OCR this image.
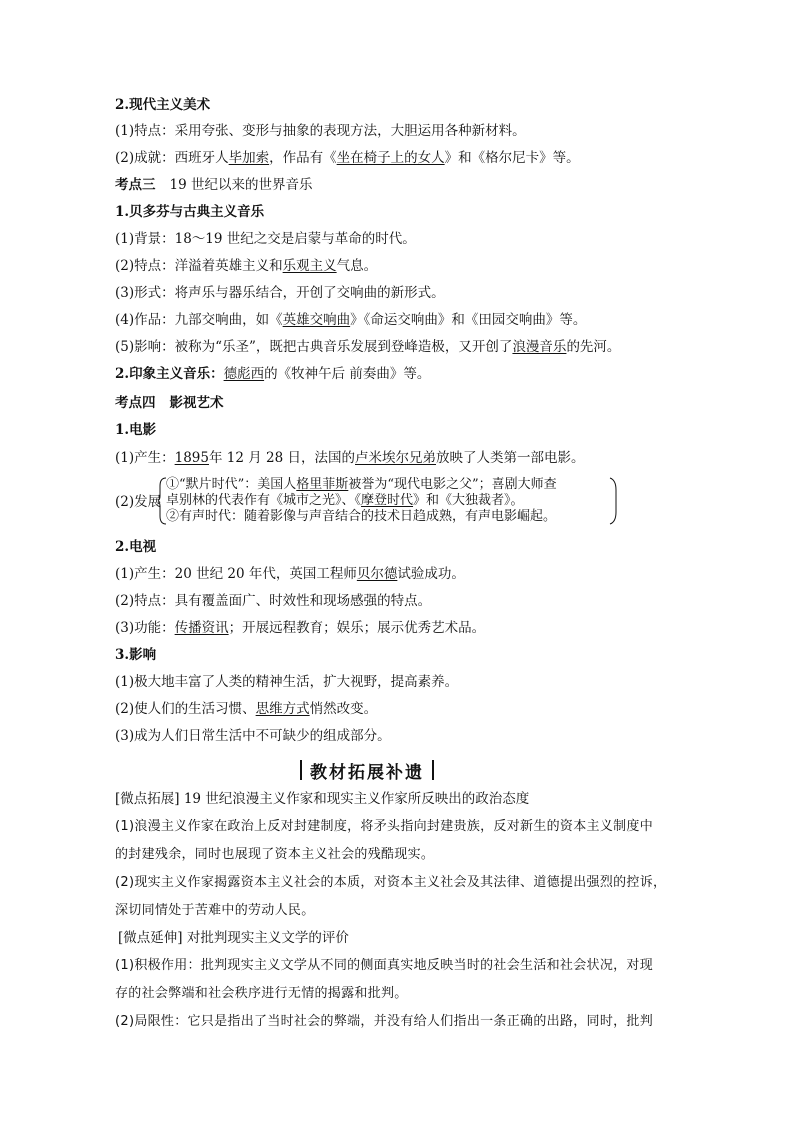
2.现代主义美术
(1)特点：采用夸张、变形与抽象的表现方法，大胆运用各种新材料。
(2)成就：西班牙人毕加索，作品有《坐在椅子上的女人》和《格尔尼卡》等。
考点三 19 世纪以来的世界音乐
1.贝多芬与古典主义音乐
(1)背景：18～19 世纪之交是启蒙与革命的时代。
(2)特点：洋溢着英雄主义和乐观主义气息。
(3)形式：将声乐与器乐结合，开创了交响曲的新形式。
(4)作品：九部交响曲，如《英雄交响曲》《命运交响曲》和《田园交响曲》等。
(5)影响：被称为“乐圣”，既把古典音乐发展到登峰造极，又开创了浪漫音乐的先河。
2.印象主义音乐：德彪西的《牧神午后 前奏曲》等。
考点四 影视艺术
1.电影
(1)产生：1895年 12 月 28 日，法国的卢米埃尔兄弟放映了人类第一部电影。
(2)发展
①“默片时代”：美国人格里菲斯被誉为“现代电影之父”；喜剧大师查
卓别林的代表作有《城市之光》、《摩登时代》和《大独裁者》。
②有声时代：随着影像与声音结合的技术日趋成熟，有声电影崛起。
2.电视
(1)产生：20 世纪 20 年代，英国工程师贝尔德试验成功。
(2)特点：具有覆盖面广、时效性和现场感强的特点。
(3)功能：传播资讯；开展远程教育；娱乐；展示优秀艺术品。
3.影响
(1)极大地丰富了人类的精神生活，扩大视野，提高素养。
(2)使人们的生活习惯、思维方式悄然改变。
(3)成为人们日常生活中不可缺少的组成部分。
教材拓展补遗
[微点拓展] 19 世纪浪漫主义作家和现实主义作家所反映出的政治态度
(1)浪漫主义作家在政治上反对封建制度，将矛头指向封建贵族，反对新生的资本主义制度中
的封建残余，同时也展现了资本主义社会的残酷现实。
(2)现实主义作家揭露资本主义社会的本质，对资本主义社会及其法律、道德提出强烈的控诉，
深切同情处于苦难中的劳动人民。
[微点延伸] 对批判现实主义文学的评价
(1)积极作用：批判现实主义文学从不同的侧面真实地反映当时的社会生活和社会状况，对现
存的社会弊端和社会秩序进行无情的揭露和批判。
(2)局限性：它只是指出了当时社会的弊端，并没有给人们指出一条正确的出路，同时，批判
